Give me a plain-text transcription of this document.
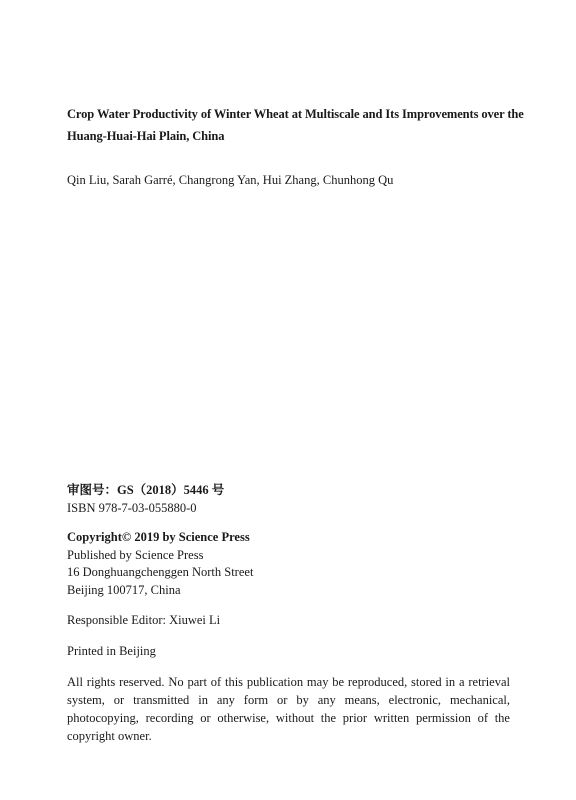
Crop Water Productivity of Winter Wheat at Multiscale and Its Improvements over the
Huang-Huai-Hai Plain, China
Qin Liu, Sarah Garré, Changrong Yan, Hui Zhang, Chunhong Qu
审图号：GS（2018）5446 号
ISBN 978-7-03-055880-0
Copyright© 2019 by Science Press
Published by Science Press
16 Donghuangchenggen North Street
Beijing 100717, China
Responsible Editor: Xiuwei Li
Printed in Beijing
All rights reserved. No part of this publication may be reproduced, stored in a retrieval system, or transmitted in any form or by any means, electronic, mechanical, photocopying, recording or otherwise, without the prior written permission of the copyright owner.
